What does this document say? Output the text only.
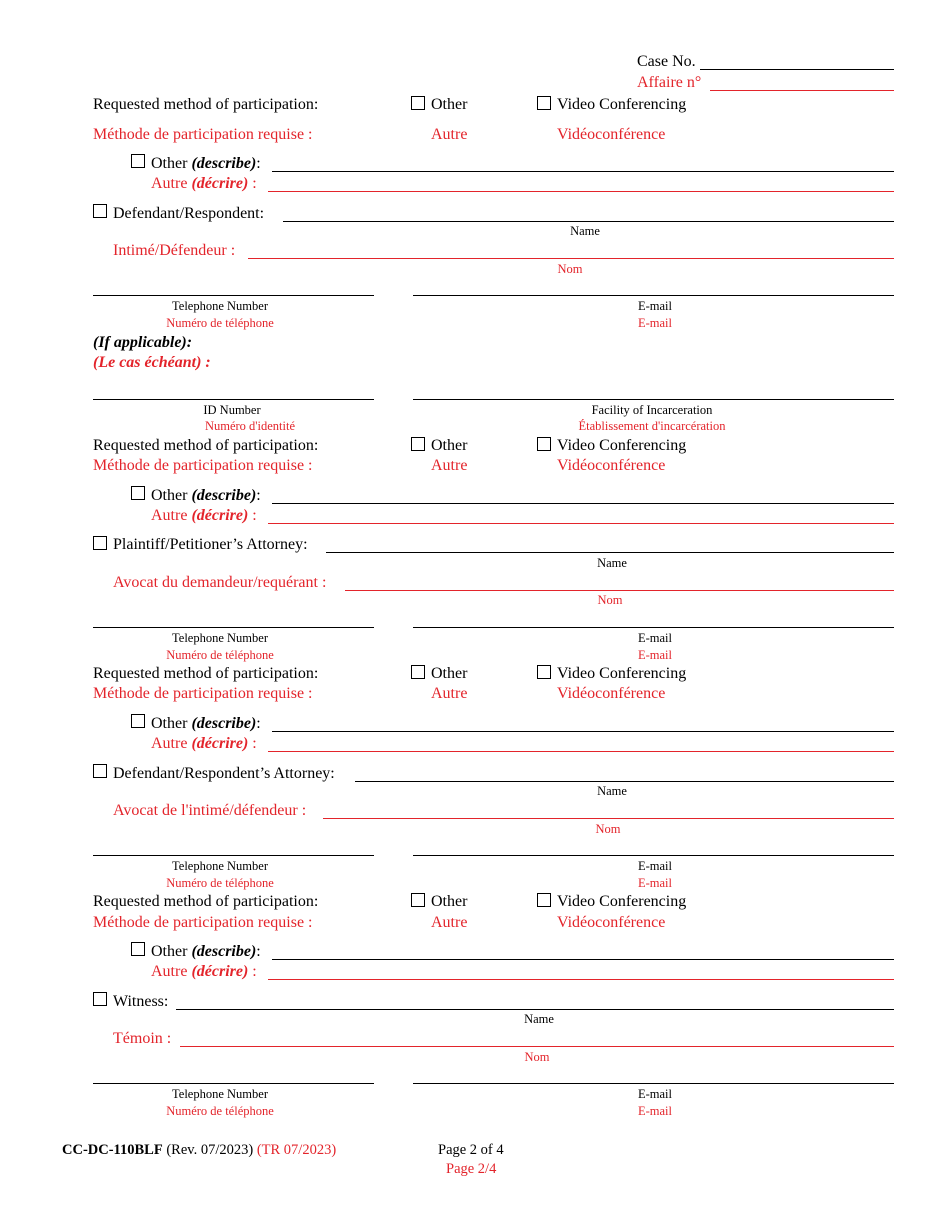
Case No.
Affaire n°
Requested method of participation:	Other	Video Conferencing
Méthode de participation requise :	Autre	Vidéoconférence
Other (describe):
Autre (décrire) :
Defendant/Respondent:
Name
Intimé/Défendeur :
Nom
Telephone Number	E-mail
Numéro de téléphone	E-mail
(If applicable):
(Le cas échéant) :
ID Number	Facility of Incarceration
Numéro d'identité	Établissement d'incarcération
Requested method of participation:	Other	Video Conferencing
Méthode de participation requise :	Autre	Vidéoconférence
Other (describe):
Autre (décrire) :
Plaintiff/Petitioner’s Attorney:
Name
Avocat du demandeur/requérant :
Nom
Telephone Number	E-mail
Numéro de téléphone	E-mail
Requested method of participation:	Other	Video Conferencing
Méthode de participation requise :	Autre	Vidéoconférence
Other (describe):
Autre (décrire) :
Defendant/Respondent’s Attorney:
Name
Avocat de l'intimé/défendeur :
Nom
Telephone Number	E-mail
Numéro de téléphone	E-mail
Requested method of participation:	Other	Video Conferencing
Méthode de participation requise :	Autre	Vidéoconférence
Other (describe):
Autre (décrire) :
Witness:
Name
Témoin :
Nom
Telephone Number	E-mail
Numéro de téléphone	E-mail
CC-DC-110BLF (Rev. 07/2023) (TR 07/2023)	Page 2 of 4
Page 2/4
